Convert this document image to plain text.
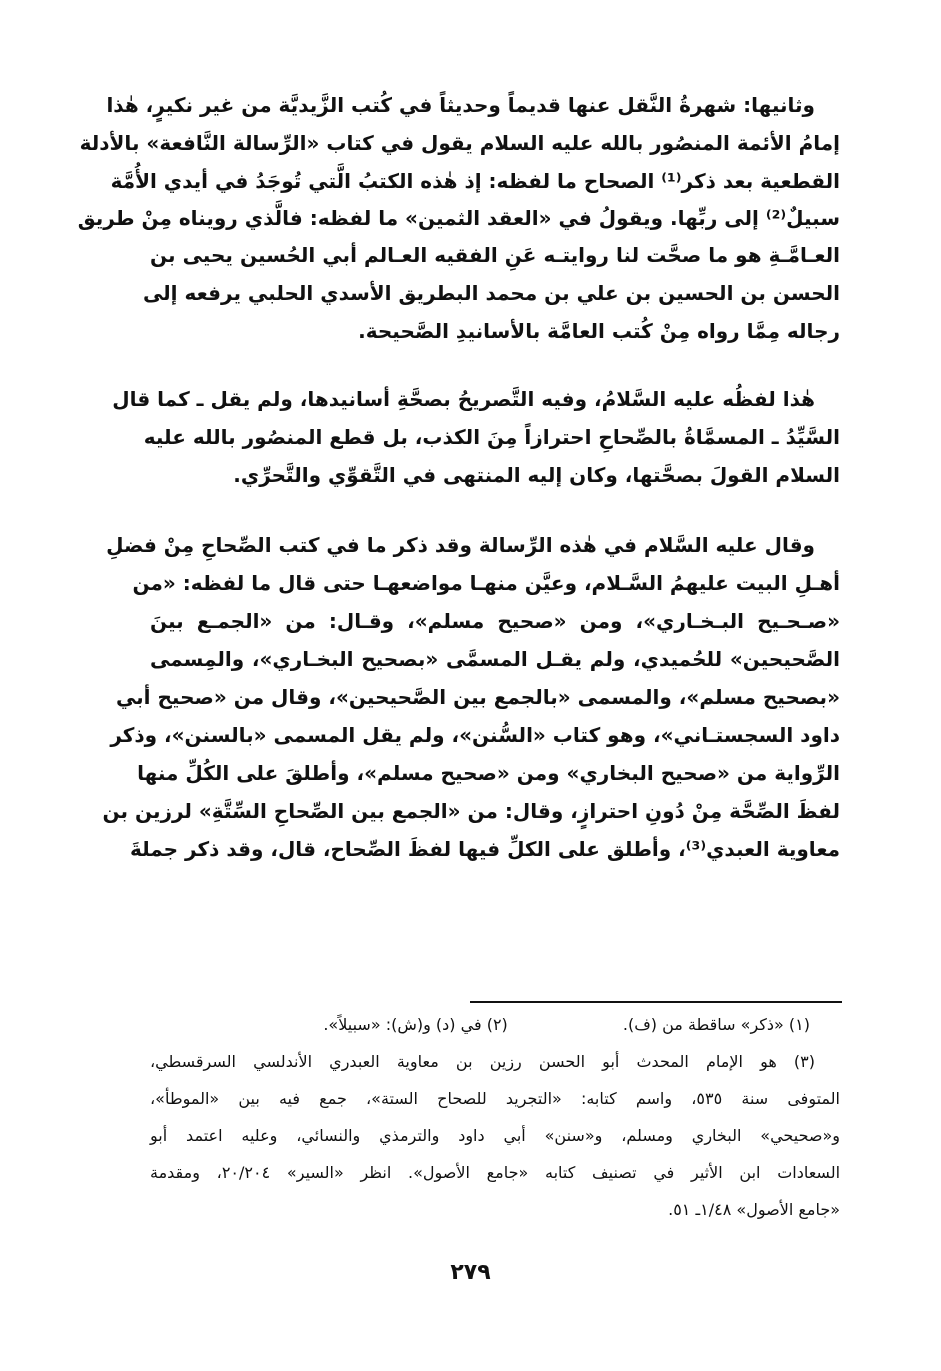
وثانيها: شهرةُ النَّقل عنها قديماً وحديثاً في كُتب الزَّيديَّة من غير نكيرٍ، هٰذا
إمامُ الأئمة المنصُور بالله عليه السلام يقول في كتاب «الرِّسالة النَّافعة» بالأدلة
القطعية بعد ذكر⁽¹⁾ الصحاح ما لفظه: إذ هٰذه الكتبُ الَّتي تُوجَدُ في أيدي الأُمَّة
سبيلٌ⁽²⁾ إلى ربِّها. ويقولُ في «العقد الثمين» ما لفظه: فالَّذي رويناه مِنْ طريق
العـامَّـةِ هو ما صحَّت لنا روايتـه عَنِ الفقيه العـالم أبي الحُسين يحيى بن
الحسن بن الحسين بن علي بن محمد البطريق الأسدي الحلبي يرفعه إلى
رجاله مِمَّا رواه مِنْ كُتب العامَّة بالأسانيدِ الصَّحيحة.
هٰذا لفظُه عليه السَّلامُ، وفيه التَّصريحُ بصحَّةِ أسانيدها، ولم يقل ـ كما قال
السَّيِّدُ ـ المسمَّاةُ بالصِّحاحِ احترازاً مِنَ الكذب، بل قطع المنصُور بالله عليه
السلام القولَ بصحَّتها، وكان إليه المنتهى في التَّقوِّي والتَّحرِّي.
وقال عليه السَّلام في هٰذه الرِّسالة وقد ذكر ما في كتب الصِّحاحِ مِنْ فضلِ
أهـلِ البيت عليهمُ السَّـلام، وعيَّن منهـا مواضعهـا حتى قال ما لفظه: «من
«صـحـيح البـخـاري»، ومن «صحيح مسلم»، وقـال: من «الجمـع بينَ
الصَّحيحين» للحُميدي، ولم يقـل المسمَّى «بصحيح البخـاري»، والمِسمى
«بصحيح مسلم»، والمسمى «بالجمع بين الصَّحيحين»، وقال من «صحيح أبي
داود السجستـاني»، وهو كتاب «السُّنن»، ولم يقل المسمى «بالسنن»، وذكر
الرِّواية من «صحيح البخاري» ومن «صحيح مسلم»، وأطلقَ على الكُلِّ منها
لفظَ الصِّحَّة مِنْ دُونِ احترازٍ، وقال: من «الجمع بين الصِّحاحِ السِّتَّةِ» لرزين بن
معاوية العبدي⁽³⁾، وأطلق على الكلِّ فيها لفظَ الصِّحاح، قال، وقد ذكر جملةَ
(١) «ذكر» ساقطة من (ف). (٢) في (د) و(ش): «سبيلاً».
(٣) هو الإمام المحدث أبو الحسن رزين بن معاوية العبدري الأندلسي السرقسطي،
المتوفى سنة ٥٣٥، واسم كتابه: «التجريد للصحاح الستة»، جمع فيه بين «الموطأ»،
و«صحيحي» البخاري ومسلم، و«سنن» أبي داود والترمذي والنسائي، وعليه اعتمد أبو
السعادات ابن الأثير في تصنيف كتابه «جامع الأصول». انظر «السير» ٢٠/٢٠٤، ومقدمة
«جامع الأصول» ١/٤٨ـ ٥١.
٢٧٩
